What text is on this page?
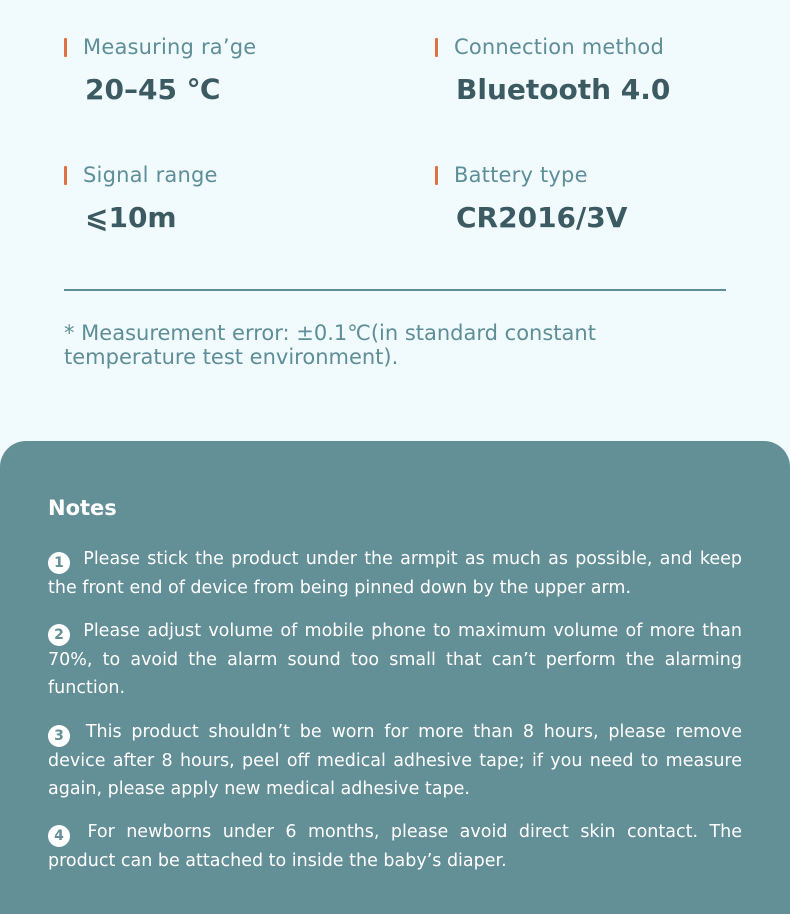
Measuring ra’ge
20–45 ℃
Connection method
Bluetooth 4.0
Signal range
⩽10m
Battery type
CR2016/3V
* Measurement error: ±0.1℃(in standard constant temperature test environment).
Notes

1 Please stick the product under the armpit as much as possible, and keep the front end of device from being pinned down by the upper arm.

2 Please adjust volume of mobile phone to maximum volume of more than 70%, to avoid the alarm sound too small that can’t perform the alarming function.

3 This product shouldn’t be worn for more than 8 hours, please remove device after 8 hours, peel off medical adhesive tape; if you need to measure again, please apply new medical adhesive tape.

4 For newborns under 6 months, please avoid direct skin contact. The product can be attached to inside the baby’s diaper.
